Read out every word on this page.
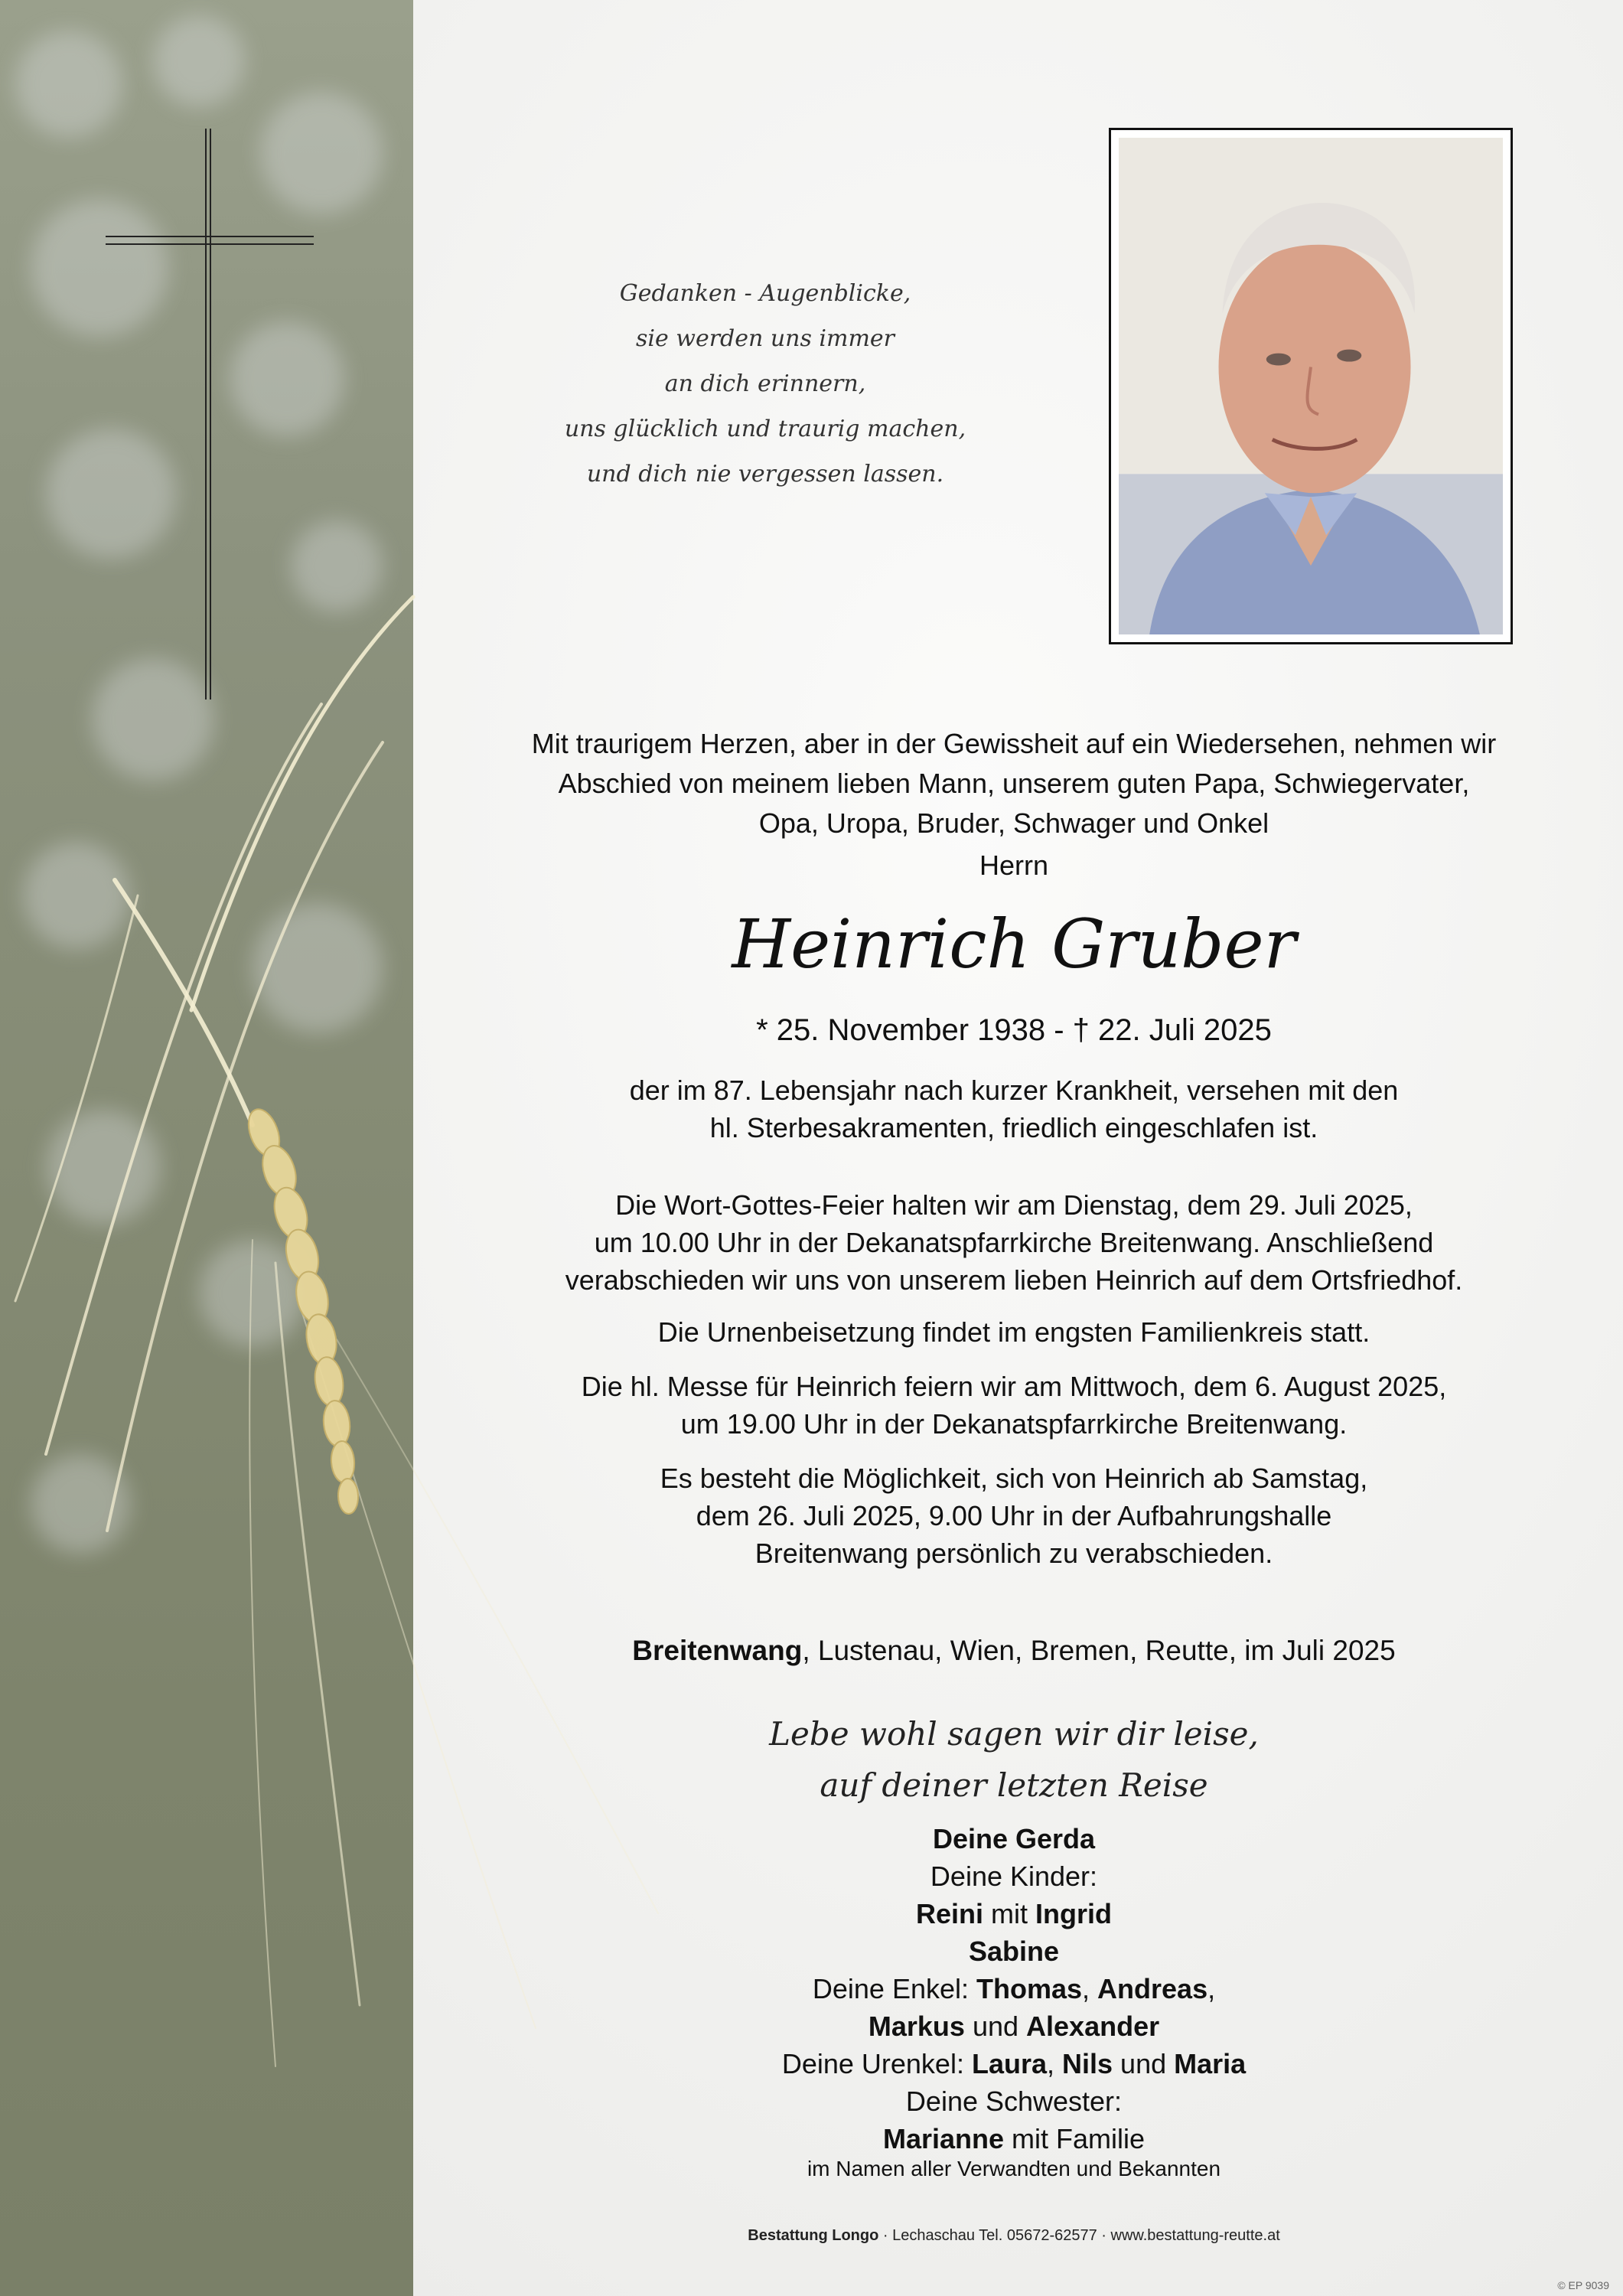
Gedanken - Augenblicke,
sie werden uns immer
an dich erinnern,
uns glücklich und traurig machen,
und dich nie vergessen lassen.
Mit traurigem Herzen, aber in der Gewissheit auf ein Wiedersehen, nehmen wir
Abschied von meinem lieben Mann, unserem guten Papa, Schwiegervater,
Opa, Uropa, Bruder, Schwager und Onkel
Herrn
Heinrich Gruber
* 25. November 1938 - † 22. Juli 2025
der im 87. Lebensjahr nach kurzer Krankheit, versehen mit den
hl. Sterbesakramenten, friedlich eingeschlafen ist.
Die Wort-Gottes-Feier halten wir am Dienstag, dem 29. Juli 2025,
um 10.00 Uhr in der Dekanatspfarrkirche Breitenwang. Anschließend
verabschieden wir uns von unserem lieben Heinrich auf dem Ortsfriedhof.
Die Urnenbeisetzung findet im engsten Familienkreis statt.
Die hl. Messe für Heinrich feiern wir am Mittwoch, dem 6. August 2025,
um 19.00 Uhr in der Dekanatspfarrkirche Breitenwang.
Es besteht die Möglichkeit, sich von Heinrich ab Samstag,
dem 26. Juli 2025, 9.00 Uhr in der Aufbahrungshalle
Breitenwang persönlich zu verabschieden.
Breitenwang, Lustenau, Wien, Bremen, Reutte, im Juli 2025
Lebe wohl sagen wir dir leise,
auf deiner letzten Reise
Deine Gerda
Deine Kinder:
Reini mit Ingrid
Sabine
Deine Enkel: Thomas, Andreas,
Markus und Alexander
Deine Urenkel: Laura, Nils und Maria
Deine Schwester:
Marianne mit Familie
im Namen aller Verwandten und Bekannten
Bestattung Longo · Lechaschau Tel. 05672-62577 · www.bestattung-reutte.at
© EP 9039
